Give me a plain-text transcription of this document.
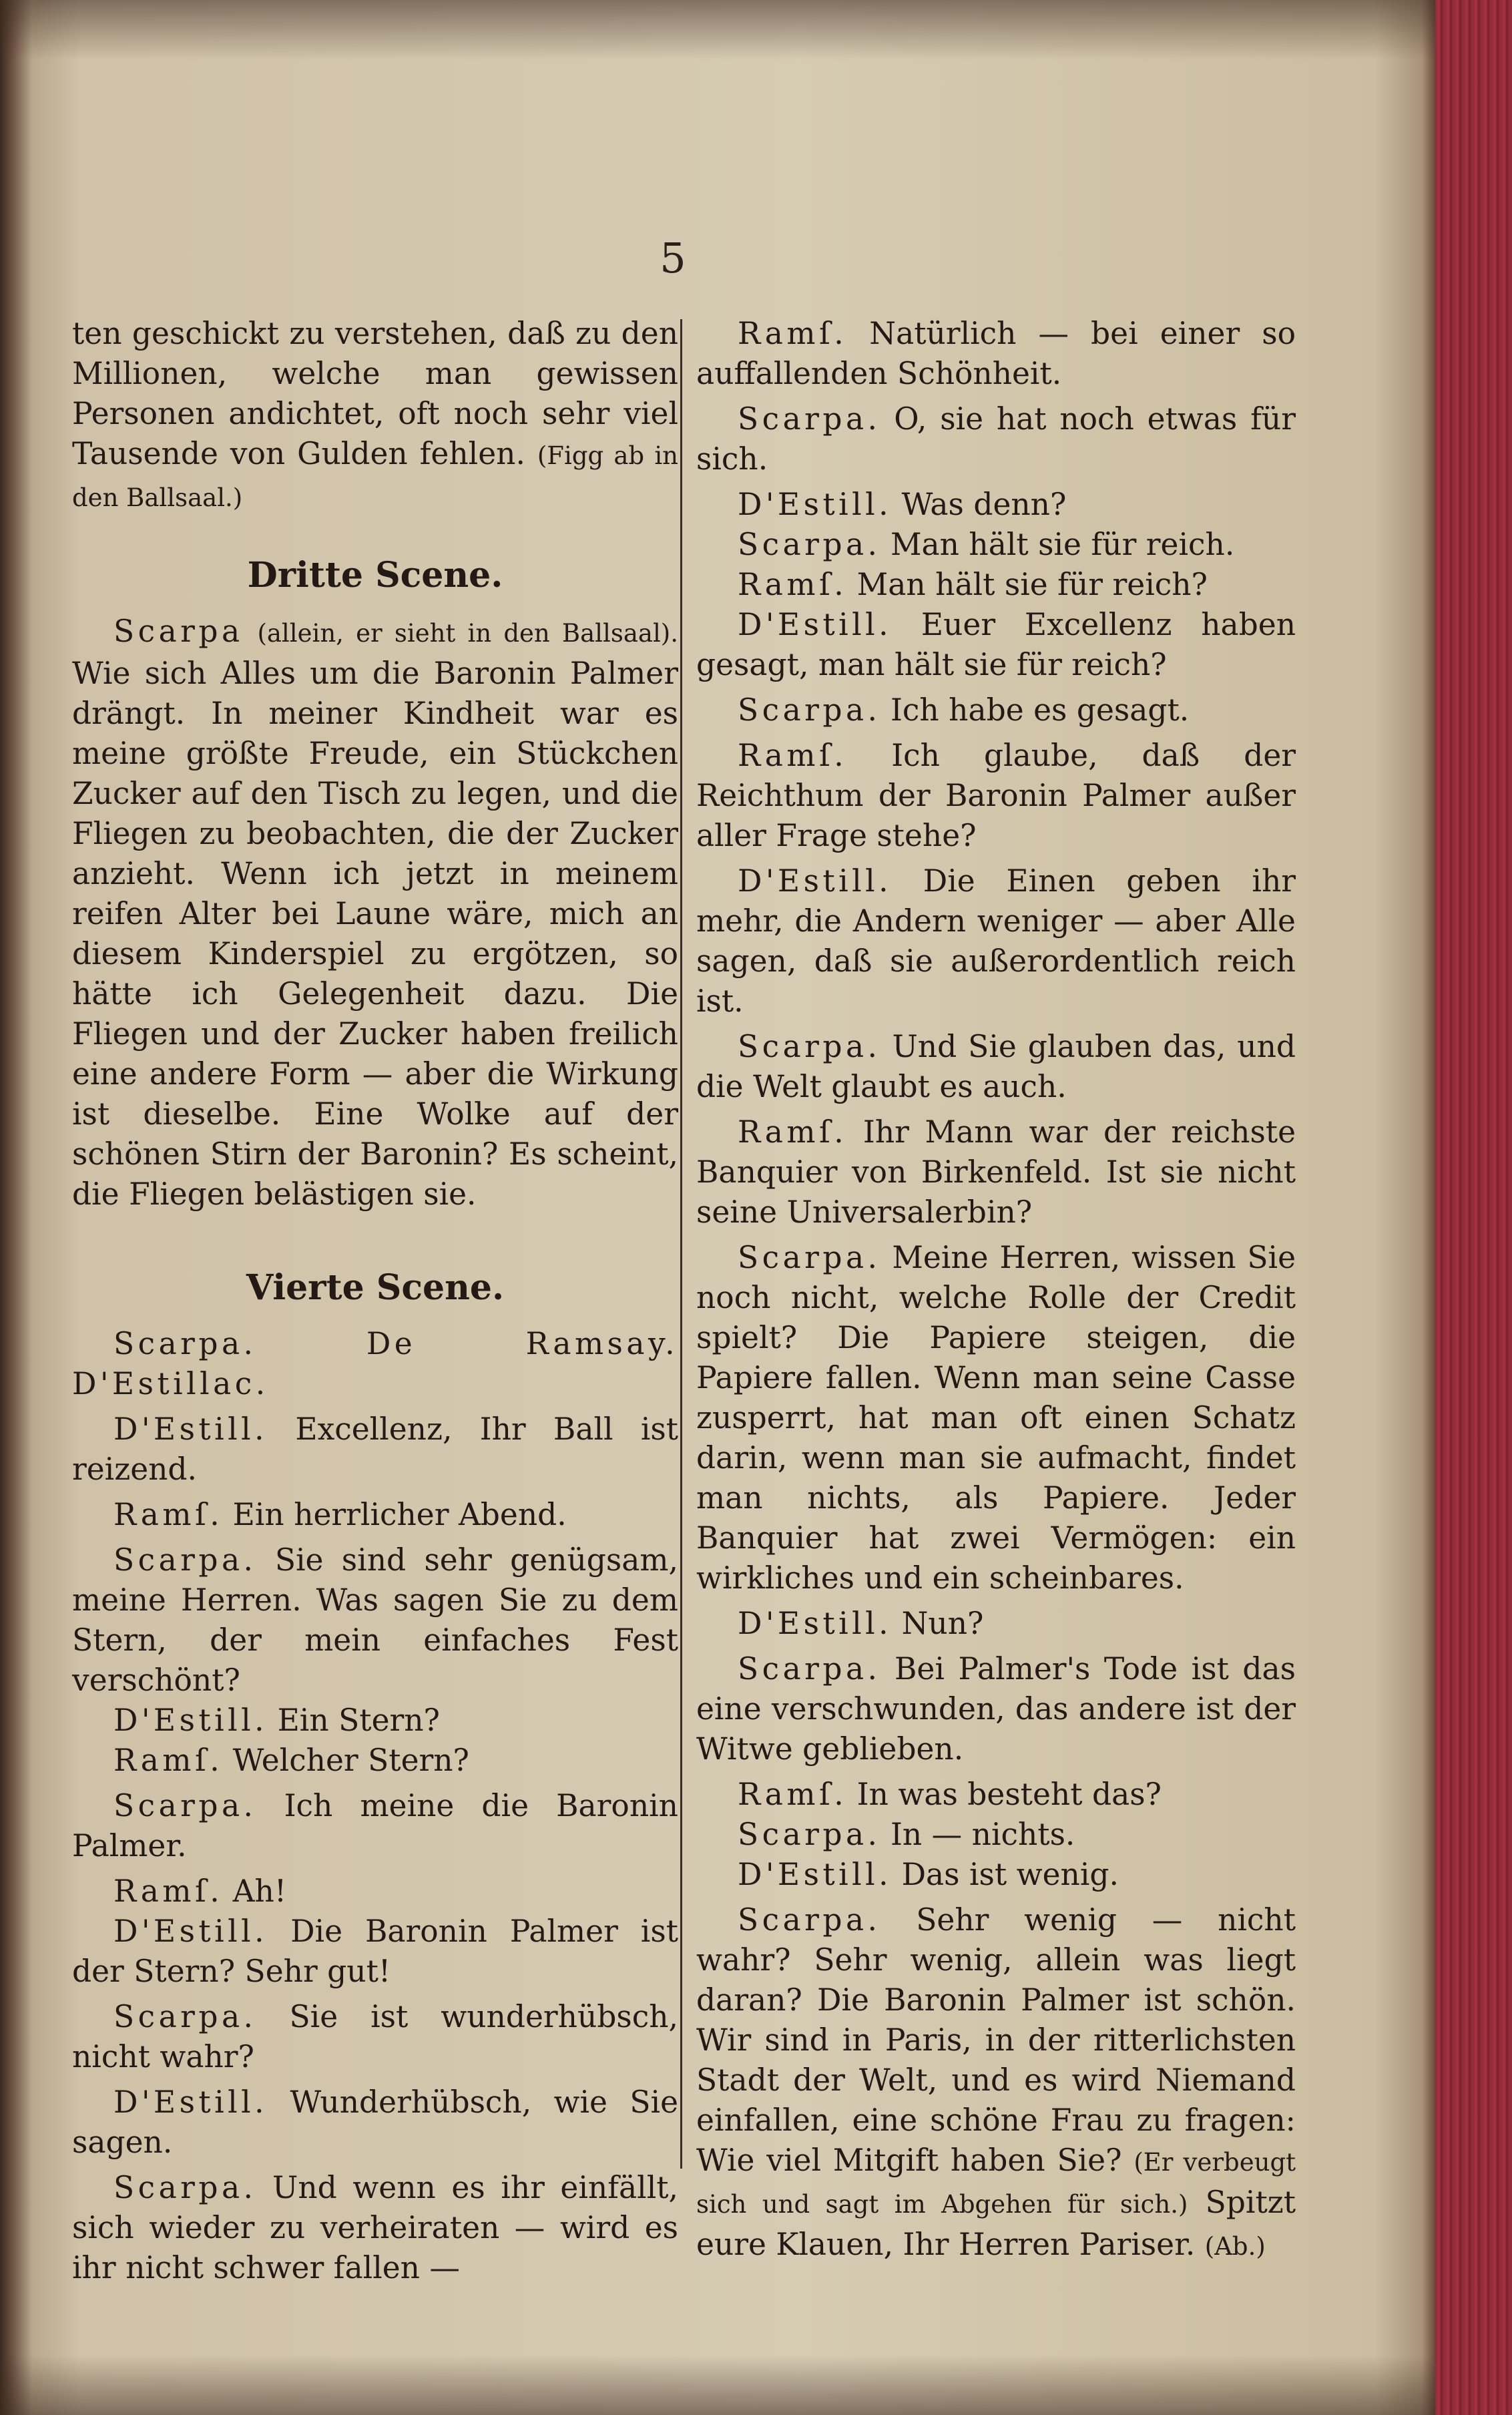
5

ten geschickt zu verstehen, daß zu den Millionen, welche man gewissen Personen andichtet, oft noch sehr viel Tausende von Gulden fehlen. (Figg ab in den Ballsaal.)

Dritte Scene.

Scarpa (allein, er sieht in den Ballsaal). Wie sich Alles um die Baronin Palmer drängt. In meiner Kindheit war es meine größte Freude, ein Stückchen Zucker auf den Tisch zu legen, und die Fliegen zu beobachten, die der Zucker anzieht. Wenn ich jetzt in meinem reifen Alter bei Laune wäre, mich an diesem Kinderspiel zu ergötzen, so hätte ich Gelegenheit dazu. Die Fliegen und der Zucker haben freilich eine andere Form — aber die Wirkung ist dieselbe. Eine Wolke auf der schönen Stirn der Baronin? Es scheint, die Fliegen belästigen sie.

Vierte Scene.

Scarpa. De Ramsay. D'Estillac.

D'Estill. Excellenz, Ihr Ball ist reizend.

Ramſ. Ein herrlicher Abend.

Scarpa. Sie sind sehr genügsam, meine Herren. Was sagen Sie zu dem Stern, der mein einfaches Fest verschönt?

D'Estill. Ein Stern?

Ramſ. Welcher Stern?

Scarpa. Ich meine die Baronin Palmer.

Ramſ. Ah!

D'Estill. Die Baronin Palmer ist der Stern? Sehr gut!

Scarpa. Sie ist wunderhübsch, nicht wahr?

D'Estill. Wunderhübsch, wie Sie sagen.

Scarpa. Und wenn es ihr einfällt, sich wieder zu verheiraten — wird es ihr nicht schwer fallen —

Ramſ. Natürlich — bei einer so auffallenden Schönheit.

Scarpa. O, sie hat noch etwas für sich.

D'Estill. Was denn?

Scarpa. Man hält sie für reich.

Ramſ. Man hält sie für reich?

D'Estill. Euer Excellenz haben gesagt, man hält sie für reich?

Scarpa. Ich habe es gesagt.

Ramſ. Ich glaube, daß der Reichthum der Baronin Palmer außer aller Frage stehe?

D'Estill. Die Einen geben ihr mehr, die Andern weniger — aber Alle sagen, daß sie außerordentlich reich ist.

Scarpa. Und Sie glauben das, und die Welt glaubt es auch.

Ramſ. Ihr Mann war der reichste Banquier von Birkenfeld. Ist sie nicht seine Universalerbin?

Scarpa. Meine Herren, wissen Sie noch nicht, welche Rolle der Credit spielt? Die Papiere steigen, die Papiere fallen. Wenn man seine Casse zusperrt, hat man oft einen Schatz darin, wenn man sie aufmacht, findet man nichts, als Papiere. Jeder Banquier hat zwei Vermögen: ein wirkliches und ein scheinbares.

D'Estill. Nun?

Scarpa. Bei Palmer's Tode ist das eine verschwunden, das andere ist der Witwe geblieben.

Ramſ. In was besteht das?

Scarpa. In — nichts.

D'Estill. Das ist wenig.

Scarpa. Sehr wenig — nicht wahr? Sehr wenig, allein was liegt daran? Die Baronin Palmer ist schön. Wir sind in Paris, in der ritterlichsten Stadt der Welt, und es wird Niemand einfallen, eine schöne Frau zu fragen: Wie viel Mitgift haben Sie? (Er verbeugt sich und sagt im Abgehen für sich.) Spitzt eure Klauen, Ihr Herren Pariser. (Ab.)
